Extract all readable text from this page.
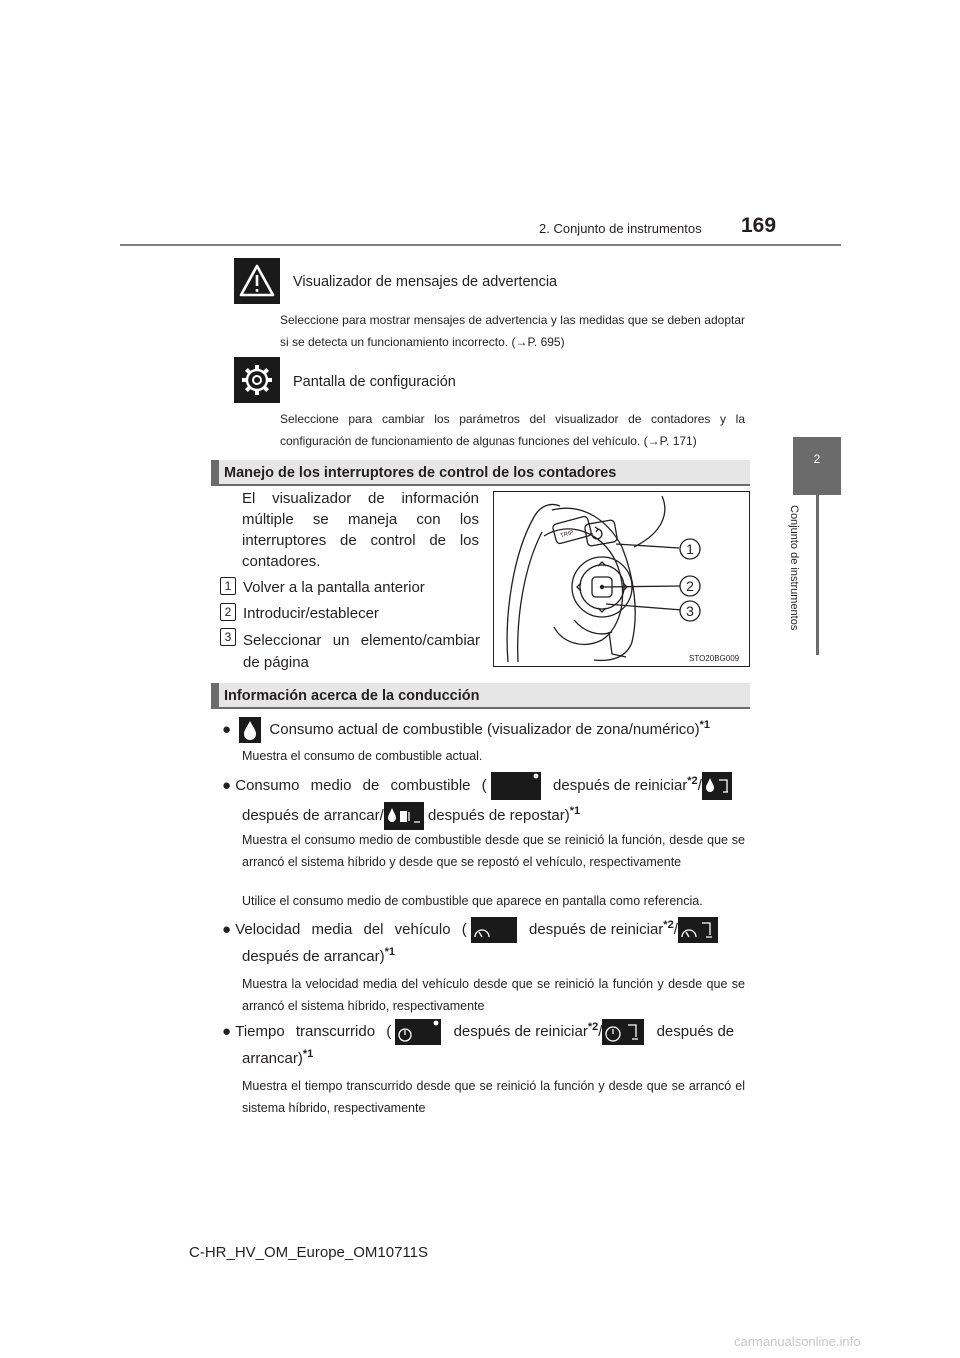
2. Conjunto de instrumentos 169
2
Conjunto de instrumentos
Visualizador de mensajes de advertencia
Seleccione para mostrar mensajes de advertencia y las medidas que se deben adoptar si se detecta un funcionamiento incorrecto. (→P. 695)
Pantalla de configuración
Seleccione para cambiar los parámetros del visualizador de contadores y la configuración de funcionamiento de algunas funciones del vehículo. (→P. 171)
Manejo de los interruptores de control de los contadores
El visualizador de información múltiple se maneja con los interruptores de control de los contadores.
1 Volver a la pantalla anterior
2 Introducir/establecer
3 Seleccionar un elemento/cambiar de página
TRIP
1
2
3
STO20BG009
Información acerca de la conducción
●	Consumo actual de combustible (visualizador de zona/numérico)$^{*1}$
Muestra el consumo de combustible actual.
● Consumo medio de combustible (	después de reiniciar$^{*2}$/
después de arrancar/	después de repostar)$^{*1}$
Muestra el consumo medio de combustible desde que se reinició la función, desde que se arrancó el sistema híbrido y desde que se repostó el vehículo, respectivamente
Utilice el consumo medio de combustible que aparece en pantalla como referencia.
● Velocidad media del vehículo (	después de reiniciar$^{*2}$/
después de arrancar)$^{*1}$
Muestra la velocidad media del vehículo desde que se reinició la función y desde que se arrancó el sistema híbrido, respectivamente
● Tiempo transcurrido (	después de reiniciar$^{*2}$/	después de
arrancar)$^{*1}$
Muestra el tiempo transcurrido desde que se reinició la función y desde que se arrancó el sistema híbrido, respectivamente
C-HR_HV_OM_Europe_OM10711S
carmanualsonline.info
